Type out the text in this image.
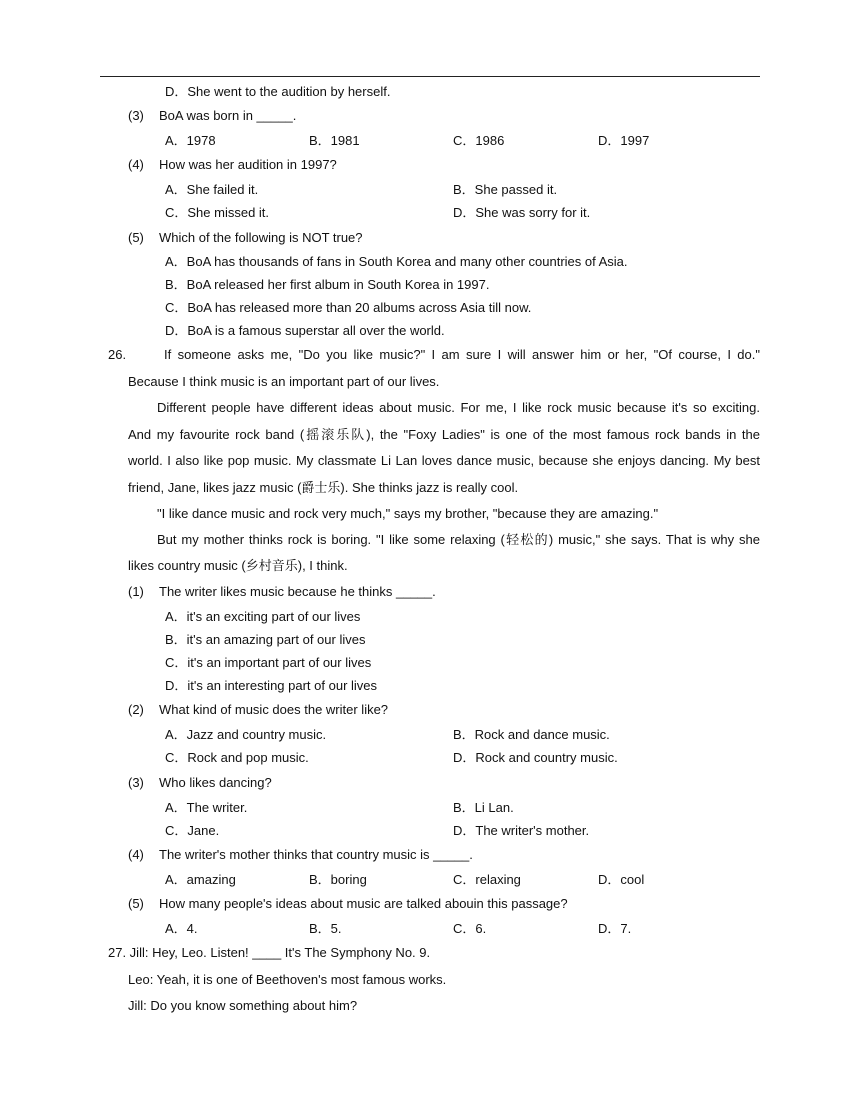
D．She went to the audition by herself.
(3) BoA was born in _____.
A．1978	B．1981	C．1986	D．1997
(4) How was her audition in 1997?
A．She failed it.	B．She passed it.
C．She missed it.	D．She was sorry for it.
(5) Which of the following is NOT true?
A．BoA has thousands of fans in South Korea and many other countries of Asia.
B．BoA released her first album in South Korea in 1997.
C．BoA has released more than 20 albums across Asia till now.
D．BoA is a famous superstar all over the world.
26.	If someone asks me, "Do you like music?" I am sure I will answer him or her, "Of course, I do."
Because I think music is an important part of our lives.
Different people have different ideas about music. For me, I like rock music because it's so exciting.
And my favourite rock band (摇滚乐队), the "Foxy Ladies" is one of the most famous rock bands in the
world. I also like pop music. My classmate Li Lan loves dance music, because she enjoys dancing. My best
friend, Jane, likes jazz music (爵士乐). She thinks jazz is really cool.
"I like dance music and rock very much," says my brother, "because they are amazing."
But my mother thinks rock is boring. "I like some relaxing (轻松的) music," she says. That is why she
likes country music (乡村音乐), I think.
(1) The writer likes music because he thinks _____.
A．it's an exciting part of our lives
B．it's an amazing part of our lives
C．it's an important part of our lives
D．it's an interesting part of our lives
(2) What kind of music does the writer like?
A．Jazz and country music.	B．Rock and dance music.
C．Rock and pop music.	D．Rock and country music.
(3) Who likes dancing?
A．The writer.	B．Li Lan.
C．Jane.	D．The writer's mother.
(4) The writer's mother thinks that country music is _____.
A．amazing	B．boring	C．relaxing	D．cool
(5) How many people's ideas about music are talked abouin this passage?
A．4.	B．5.	C．6.	D．7.
27. Jill: Hey, Leo. Listen! ____ It's The Symphony No. 9.
Leo: Yeah, it is one of Beethoven's most famous works.
Jill: Do you know something about him?
